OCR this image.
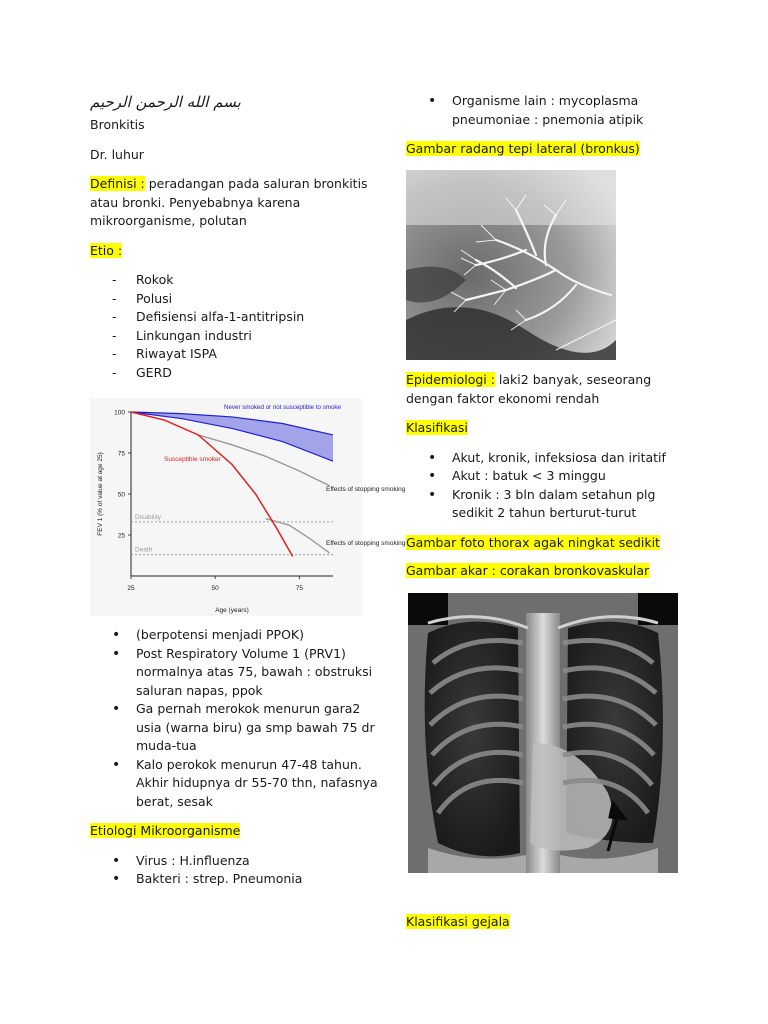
بسم الله الرحمن الرحيم

Bronkitis

Dr. luhur

Definisi : peradangan pada saluran bronkitis atau bronki. Penyebabnya karena mikroorganisme, polutan

Etio :

- Rokok
- Polusi
- Defisiensi alfa-1-antitripsin
- Linkungan industri
- Riwayat ISPA
- GERD
25
50
75
100
25	50	75
Age (years)
FEV 1 (% of value at age 25)	Disability
Death
Never smoked or not susceptible to smoke
Susceptible smoker
Effects of stopping smoking
Effects of stopping smoking
• (berpotensi menjadi PPOK)
• Post Respiratory Volume 1 (PRV1) normalnya atas 75, bawah : obstruksi saluran napas, ppok
• Ga pernah merokok menurun gara2 usia (warna biru) ga smp bawah 75 dr muda-tua
• Kalo perokok menurun 47-48 tahun. Akhir hidupnya dr 55-70 thn, nafasnya berat, sesak

Etiologi Mikroorganisme

• Virus : H.influenza
• Bakteri : strep. Pneumonia
• Organisme lain : mycoplasma pneumoniae : pnemonia atipik

Gambar radang tepi lateral (bronkus)

Epidemiologi : laki2 banyak, seseorang dengan faktor ekonomi rendah

Klasifikasi

• Akut, kronik, infeksiosa dan iritatif
• Akut : batuk < 3 minggu
• Kronik : 3 bln dalam setahun plg sedikit 2 tahun berturut-turut

Gambar foto thorax agak ningkat sedikit

Gambar akar : corakan bronkovaskular

Klasifikasi gejala
